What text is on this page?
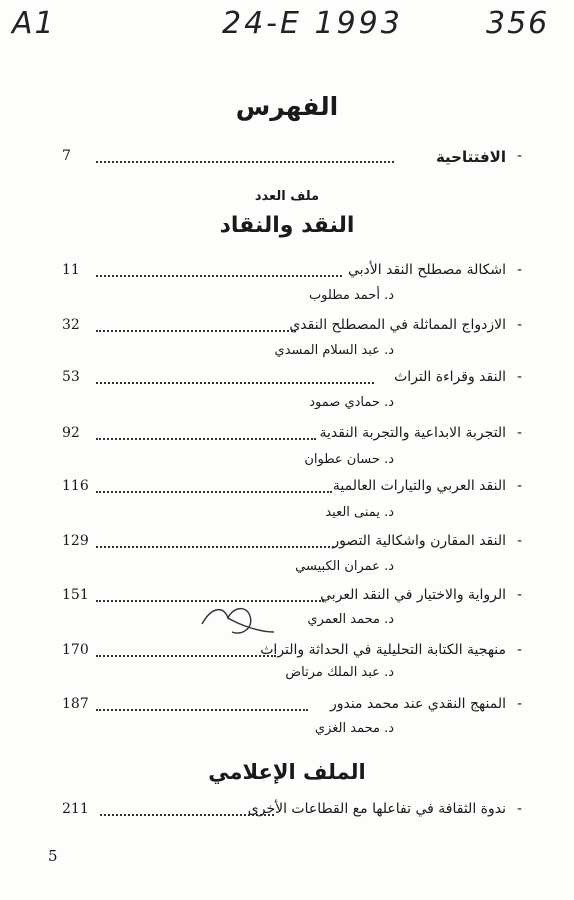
A1	24-E 1993	356
الفهرس
-
الافتتاحية
7
ملف العدد
النقد والنقاد
-
اشكالة مصطلح النقد الأدبي
11
د. أحمد مطلوب
-
الازدواج المماثلة في المصطلح النقدي
32
د. عبد السلام المسدي
-
النقد وقراءة التراث
53
د. حمادي صمود
-
التجربة الابداعية والتجربة النقدية
92
د. حسان عطوان
-
النقد العربي والتيارات العالمية
116
د. يمنى العيد
-
النقد المقارن واشكالية التصور
129
د. عمران الكبيسي
-
الرواية والاختيار في النقد العربي
151
د. محمد العمري
-
منهجية الكتابة التحليلية في الحداثة والتراث
170
د. عبد الملك مرتاض
-
المنهج النقدي عند محمد مندور
187
د. محمد الغزي
الملف الإعلامي
-
ندوة الثقافة في تفاعلها مع القطاعات الأخرى
211
5
